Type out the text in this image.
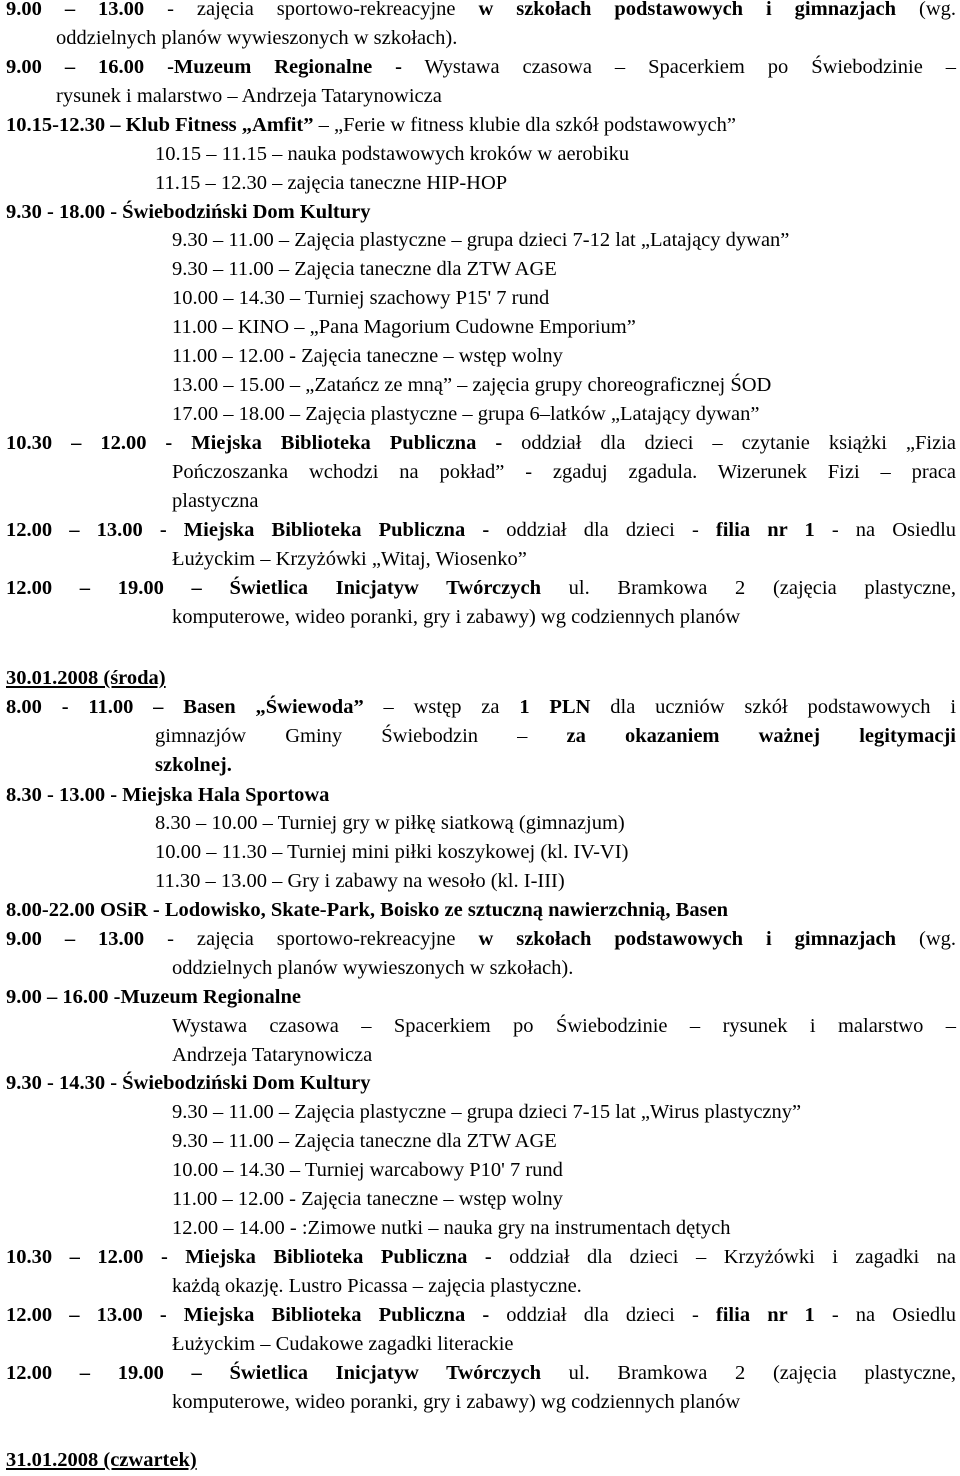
9.00 – 13.00 - zajęcia sportowo-rekreacyjne w szkołach podstawowych i gimnazjach (wg.
oddzielnych planów wywieszonych w szkołach).
9.00 – 16.00 -Muzeum Regionalne - Wystawa czasowa – Spacerkiem po Świebodzinie –
rysunek i malarstwo – Andrzeja Tatarynowicza
10.15-12.30 – Klub Fitness „Amfit” – „Ferie w fitness klubie dla szkół podstawowych”
10.15 – 11.15 – nauka podstawowych kroków w aerobiku
11.15 – 12.30 – zajęcia taneczne HIP-HOP
9.30 - 18.00 - Świebodziński Dom Kultury
9.30 – 11.00 – Zajęcia plastyczne – grupa dzieci 7-12 lat „Latający dywan”
9.30 – 11.00 – Zajęcia taneczne dla ZTW AGE
10.00 – 14.30 – Turniej szachowy P15' 7 rund
11.00 – KINO – „Pana Magorium Cudowne Emporium”
11.00 – 12.00 - Zajęcia taneczne – wstęp wolny
13.00 – 15.00 – „Zatańcz ze mną” – zajęcia grupy choreograficznej ŚOD
17.00 – 18.00 – Zajęcia plastyczne – grupa 6–latków „Latający dywan”
10.30 – 12.00 - Miejska Biblioteka Publiczna - oddział dla dzieci – czytanie książki „Fizia
Pończoszanka wchodzi na pokład” - zgaduj zgadula. Wizerunek Fizi – praca
plastyczna
12.00 – 13.00 - Miejska Biblioteka Publiczna - oddział dla dzieci - filia nr 1 - na Osiedlu
Łużyckim – Krzyżówki „Witaj, Wiosenko”
12.00 – 19.00 – Świetlica Inicjatyw Twórczych ul. Bramkowa 2 (zajęcia plastyczne,
komputerowe, wideo poranki, gry i zabawy) wg codziennych planów
30.01.2008 (środa)
8.00 - 11.00 – Basen „Świewoda” – wstęp za 1 PLN dla uczniów szkół podstawowych i
gimnazjów Gminy Świebodzin – za okazaniem ważnej legitymacji
szkolnej.
8.30 - 13.00 - Miejska Hala Sportowa
8.30 – 10.00 – Turniej gry w piłkę siatkową (gimnazjum)
10.00 – 11.30 – Turniej mini piłki koszykowej (kl. IV-VI)
11.30 – 13.00 – Gry i zabawy na wesoło (kl. I-III)
8.00-22.00 OSiR - Lodowisko, Skate-Park, Boisko ze sztuczną nawierzchnią, Basen
9.00 – 13.00 - zajęcia sportowo-rekreacyjne w szkołach podstawowych i gimnazjach (wg.
oddzielnych planów wywieszonych w szkołach).
9.00 – 16.00 -Muzeum Regionalne
Wystawa czasowa – Spacerkiem po Świebodzinie – rysunek i malarstwo –
Andrzeja Tatarynowicza
9.30 - 14.30 - Świebodziński Dom Kultury
9.30 – 11.00 – Zajęcia plastyczne – grupa dzieci 7-15 lat „Wirus plastyczny”
9.30 – 11.00 – Zajęcia taneczne dla ZTW AGE
10.00 – 14.30 – Turniej warcabowy P10' 7 rund
11.00 – 12.00 - Zajęcia taneczne – wstęp wolny
12.00 – 14.00 - :Zimowe nutki – nauka gry na instrumentach dętych
10.30 – 12.00 - Miejska Biblioteka Publiczna - oddział dla dzieci – Krzyżówki i zagadki na
każdą okazję. Lustro Picassa – zajęcia plastyczne.
12.00 – 13.00 - Miejska Biblioteka Publiczna - oddział dla dzieci - filia nr 1 - na Osiedlu
Łużyckim – Cudakowe zagadki literackie
12.00 – 19.00 – Świetlica Inicjatyw Twórczych ul. Bramkowa 2 (zajęcia plastyczne,
komputerowe, wideo poranki, gry i zabawy) wg codziennych planów
31.01.2008 (czwartek)
